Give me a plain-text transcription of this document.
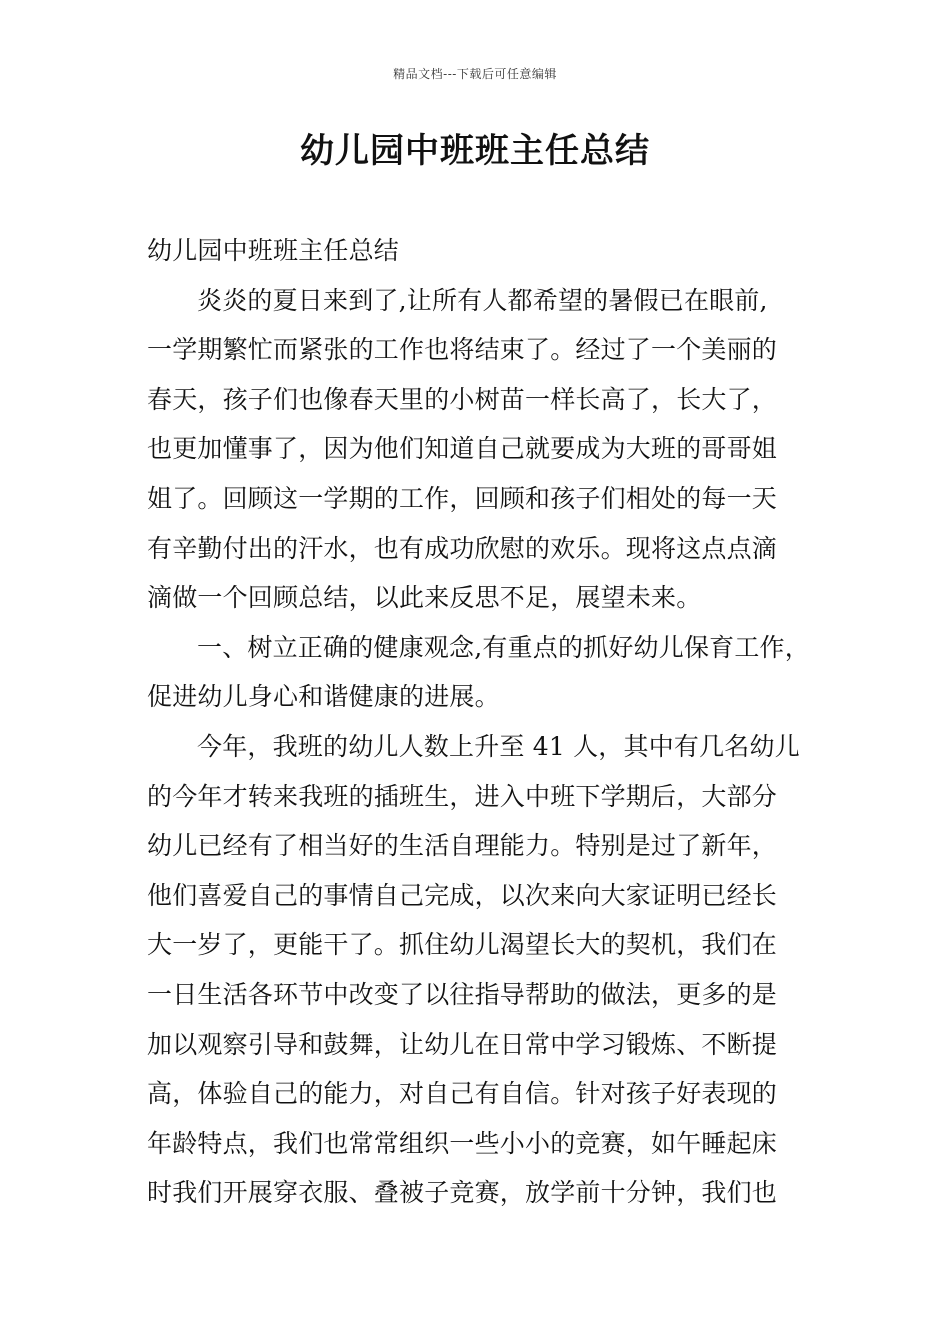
精品文档---下载后可任意编辑
幼儿园中班班主任总结
幼儿园中班班主任总结
炎炎的夏日来到了,让所有人都希望的暑假已在眼前,
一学期繁忙而紧张的工作也将结束了。经过了一个美丽的
春天，孩子们也像春天里的小树苗一样长高了，长大了，
也更加懂事了，因为他们知道自己就要成为大班的哥哥姐
姐了。回顾这一学期的工作，回顾和孩子们相处的每一天
有辛勤付出的汗水，也有成功欣慰的欢乐。现将这点点滴
滴做一个回顾总结，以此来反思不足，展望未来。
一、树立正确的健康观念,有重点的抓好幼儿保育工作，
促进幼儿身心和谐健康的进展。
今年，我班的幼儿人数上升至 41 人，其中有几名幼儿
的今年才转来我班的插班生，进入中班下学期后，大部分
幼儿已经有了相当好的生活自理能力。特别是过了新年，
他们喜爱自己的事情自己完成，以次来向大家证明已经长
大一岁了，更能干了。抓住幼儿渴望长大的契机，我们在
一日生活各环节中改变了以往指导帮助的做法，更多的是
加以观察引导和鼓舞，让幼儿在日常中学习锻炼、不断提
高，体验自己的能力，对自己有自信。针对孩子好表现的
年龄特点，我们也常常组织一些小小的竞赛，如午睡起床
时我们开展穿衣服、叠被子竞赛，放学前十分钟，我们也
